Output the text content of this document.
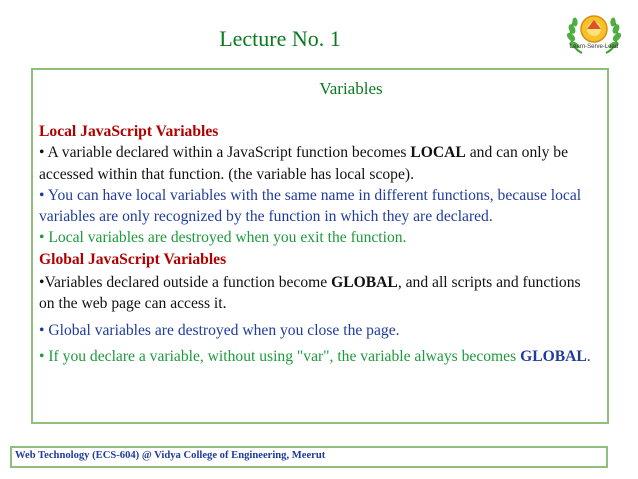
Lecture No. 1	Learn-Serve-Lead
Variables

Local JavaScript Variables

• A variable declared within a JavaScript function becomes LOCAL and can only be accessed within that function. (the variable has local scope).

• You can have local variables with the same name in different functions, because local variables are only recognized by the function in which they are declared.

• Local variables are destroyed when you exit the function.

Global JavaScript Variables

•Variables declared outside a function become GLOBAL, and all scripts and functions on the web page can access it.

• Global variables are destroyed when you close the page.

• If you declare a variable, without using "var", the variable always becomes GLOBAL.

Web Technology (ECS-604) @ Vidya College of Engineering, Meerut
